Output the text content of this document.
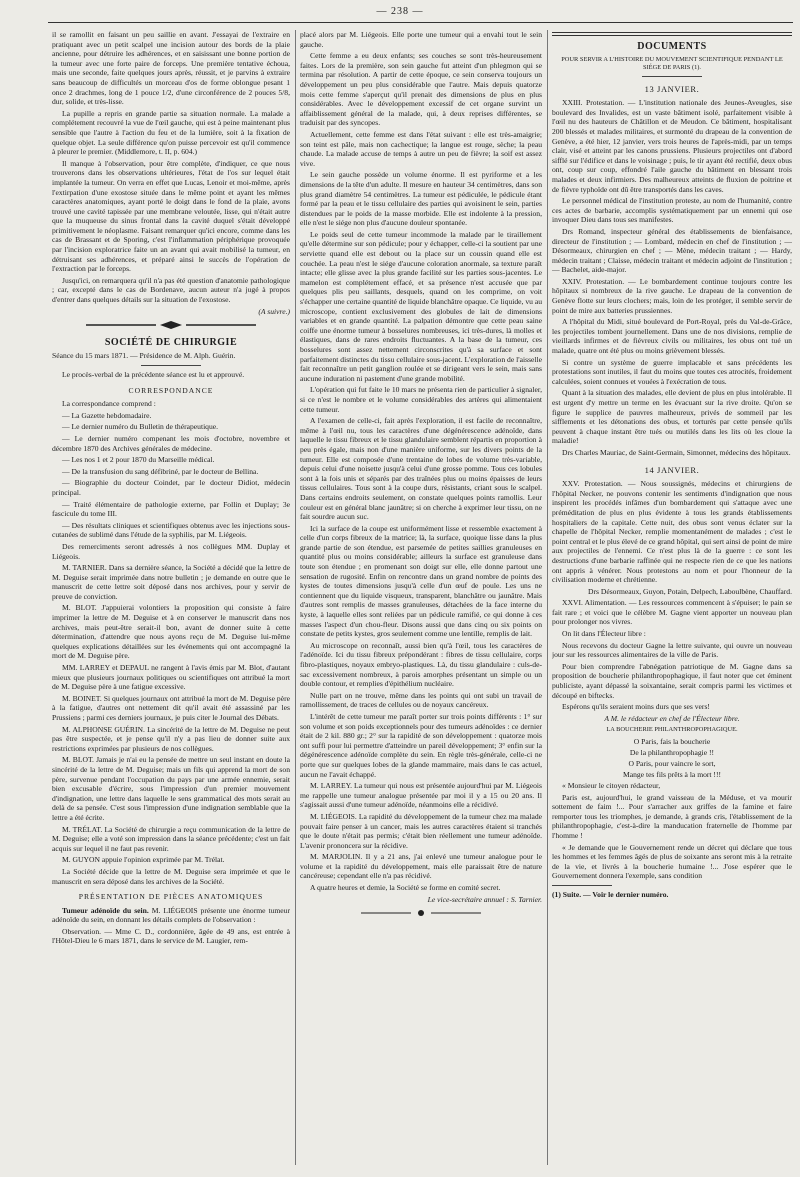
— 238 —

il se ramollit en faisant un peu saillie en avant. J'essayai de l'extraire en pratiquant avec un petit scalpel une incision autour des bords de la plaie ancienne, pour détruire les adhérences, et en saisissant une bonne portion de la tumeur avec une forte paire de forceps. Une première tentative échoua, mais une seconde, faite quelques jours après, réussit, et je parvins à extraire sans beaucoup de difficultés un morceau d'os de forme oblongue pesant 1 once 2 drachmes, long de 1 pouce 1/2, d'une circonférence de 2 pouces 5/8, dur, solide, et très-lisse.

La pupille a repris en grande partie sa situation normale. La malade a complétement recouvré la vue de l'œil gauche, qui est à peine maintenant plus sensible que l'autre à l'action du feu et de la lumière, soit à la fixation de quelque objet. La seule différence qu'on puisse percevoir est qu'il commence à pleurer le premier. (Middlemore, t. II, p. 604.)

Il manque à l'observation, pour être complète, d'indiquer, ce que nous trouverons dans les observations ultérieures, l'état de l'os sur lequel était implantée la tumeur. On verra en effet que Lucas, Lenoir et moi-même, après l'extirpation d'une exostose située dans le même point et ayant les mêmes caractères anatomiques, ayant porté le doigt dans le fond de la plaie, avons trouvé une cavité tapissée par une membrane veloutée, lisse, qui n'était autre que la muqueuse du sinus frontal dans la cavité duquel s'était développé primitivement le néoplasme. Faisant remarquer qu'ici encore, comme dans les cas de Brassant et de Sporing, c'est l'inflammation périphérique provoquée par l'incision exploratrice faite un an avant qui avait mobilisé la tumeur, en détruisant ses adhérences, et préparé ainsi le succès de l'opération de l'extraction par le forceps.

Jusqu'ici, on remarquera qu'il n'a pas été question d'anatomie pathologique ; car, excepté dans le cas de Bordenave, aucun auteur n'a jugé à propos d'entrer dans quelques détails sur la situation de l'exostose.

(A suivre.)

SOCIÉTÉ DE CHIRURGIE

Séance du 15 mars 1871. — Présidence de M. Alph. Guérin.

Le procès-verbal de la précédente séance est lu et approuvé.

CORRESPONDANCE

La correspondance comprend :

— La Gazette hebdomadaire.

— Le dernier numéro du Bulletin de thérapeutique.

— Le dernier numéro compenant les mois d'octobre, novembre et décembre 1870 des Archives générales de médecine.

— Les nos 1 et 2 pour 1870 du Marseille médical.

— De la transfusion du sang défibriné, par le docteur de Bellina.

— Biographie du docteur Coindet, par le docteur Didiot, médecin principal.

— Traité élémentaire de pathologie externe, par Follin et Duplay; 3e fascicule du tome III.

— Des résultats cliniques et scientifiques obtenus avec les injections sous-cutanées de sublimé dans l'étude de la syphilis, par M. Liégeois.

Des remerciments seront adressés à nos collègues MM. Duplay et Liégeois.

M. TARNIER. Dans sa dernière séance, la Société a décidé que la lettre de M. Deguise serait imprimée dans notre bulletin ; je demande en outre que le manuscrit de cette lettre soit déposé dans nos archives, pour y servir de preuve de conviction.

M. BLOT. J'appuierai volontiers la proposition qui consiste à faire imprimer la lettre de M. Deguise et à en conserver le manuscrit dans nos archives, mais peut-être serait-il bon, avant de donner suite à cette détermination, d'attendre que nous ayons reçu de M. Deguise lui-même quelques explications détaillées sur les événements qui ont accompagné la mort de M. Deguise père.

MM. LARREY et DEPAUL ne rangent à l'avis émis par M. Blot, d'autant mieux que plusieurs journaux politiques ou scientifiques ont attribué la mort de M. Deguise père à une fatigue excessive.

M. BOINET. Si quelques journaux ont attribué la mort de M. Deguise père à la fatigue, d'autres ont nettement dit qu'il avait été assassiné par les Prussiens ; parmi ces derniers journaux, je puis citer le Journal des Débats.

M. ALPHONSE GUÉRIN. La sincérité de la lettre de M. Deguise ne peut pas être suspectée, et je pense qu'il n'y a pas lieu de donner suite aux restrictions exprimées par plusieurs de nos collègues.

M. BLOT. Jamais je n'ai eu la pensée de mettre un seul instant en doute la sincérité de la lettre de M. Deguise; mais un fils qui apprend la mort de son père, survenue pendant l'occupation du pays par une armée ennemie, serait bien excusable d'écrire, sous l'impression d'un premier mouvement d'indignation, une lettre dans laquelle le sens grammatical des mots serait au delà de sa pensée. C'est sous l'impression d'une indignation semblable que la lettre a été écrite.

M. TRÉLAT. La Société de chirurgie a reçu communication de la lettre de M. Deguise; elle a voté son impression dans la séance précédente; c'est un fait acquis sur lequel il ne faut pas revenir.

M. GUYON appuie l'opinion exprimée par M. Trélat.

La Société décide que la lettre de M. Deguise sera imprimée et que le manuscrit en sera déposé dans les archives de la Société.

PRÉSENTATION DE PIÈCES ANATOMIQUES

Tumeur adénoïde du sein. M. LIÉGEOIS présente une énorme tumeur adénoïde du sein, en donnant les détails complets de l'observation :

Observation. — Mme C. D., cordonnière, âgée de 49 ans, est entrée à l'Hôtel-Dieu le 6 mars 1871, dans le service de M. Laugier, rem-

placé alors par M. Liégeois. Elle porte une tumeur qui a envahi tout le sein gauche.

Cette femme a eu deux enfants; ses couches se sont très-heureusement faites. Lors de la première, son sein gauche fut atteint d'un phlegmon qui se termina par résolution. A partir de cette époque, ce sein conserva toujours un développement un peu plus considérable que l'autre. Mais depuis quatorze mois cette femme s'aperçut qu'il prenait des dimensions de plus en plus considérables. Avec le développement excessif de cet organe survint un affaiblissement général de la malade, qui, à deux reprises différentes, se traduisit par des syncopes.

Actuellement, cette femme est dans l'état suivant : elle est très-amaigrie; son teint est pâle, mais non cachectique; la langue est rouge, sèche; la peau chaude. La malade accuse de temps à autre un peu de fièvre; la soif est assez vive.

Le sein gauche possède un volume énorme. Il est pyriforme et a les dimensions de la tête d'un adulte. Il mesure en hauteur 34 centimètres, dans son plus grand diamètre 54 centimètres. La tumeur est pédiculée, le pédicule étant formé par la peau et le tissu cellulaire des parties qui avoisinent le sein, parties distendues par le poids de la masse morbide. Elle est indolente à la pression, elle n'est le siége non plus d'aucune douleur spontanée.

Le poids seul de cette tumeur incommode la malade par le tiraillement qu'elle détermine sur son pédicule; pour y échapper, celle-ci la soutient par une serviette quand elle est debout ou la place sur un coussin quand elle est couchée. La peau n'est le siége d'aucune coloration anormale, sa texture paraît intacte; elle glisse avec la plus grande facilité sur les parties sous-jacentes. Le mamelon est complétement effacé, et sa présence n'est accusée que par quelques plis peu saillants, desquels, quand on les comprime, on voit s'échapper une certaine quantité de liquide blanchâtre opaque. Ce liquide, vu au microscope, contient exclusivement des globules de lait de dimensions variables et en grande quantité. La palpation démontre que cette peau saine coiffe une énorme tumeur à bosselures nombreuses, ici très-dures, là molles et élastiques, dans de rares endroits fluctuantes. A la base de la tumeur, ces bosselures sont assez nettement circonscrites qu'à sa surface et sont parfaitement distinctes du tissu cellulaire sous-jacent. L'exploration de l'aisselle fait reconnaître un petit ganglion roulée et se dirigeant vers le sein, mais sans aucune induration ni pastement d'une grande mobilité.

L'opération qui fut faite le 10 mars ne présenta rien de particulier à signaler, si ce n'est le nombre et le volume considérables des artères qui alimentaient cette tumeur.

A l'examen de celle-ci, fait après l'exploration, il est facile de reconnaître, même à l'œil nu, tous les caractères d'une dégénérescence adénoïde, dans laquelle le tissu fibreux et le tissu glandulaire semblent répartis en proportion à peu près égale, mais non d'une manière uniforme, sur les divers points de la tumeur. Elle est composée d'une trentaine de lobes de volume très-variable, depuis celui d'une noisette jusqu'à celui d'une grosse pomme. Tous ces lobules sont à la fois unis et séparés par des traînées plus ou moins épaisses de leurs tissus cellulaires. Tous sont à la coupe durs, résistants, criant sous le scalpel. Dans certains endroits seulement, on constate quelques points ramollis. Leur couleur est en général blanc jaunâtre; si on cherche à exprimer leur tissu, on ne fait sourdre aucun suc.

Ici la surface de la coupe est uniformément lisse et ressemble exactement à celle d'un corps fibreux de la matrice; là, la surface, quoique lisse dans la plus grande partie de son étendue, est parsemée de petites saillies granuleuses en quantité plus ou moins considérable; ailleurs la surface est granuleuse dans toute son étendue ; en promenant son doigt sur elle, elle donne partout une sensation de rugosité. Enfin on rencontre dans un grand nombre de points des kystes de toutes dimensions jusqu'à celle d'un œuf de poule. Les uns ne contiennent que du liquide visqueux, transparent, blanchâtre ou jaunâtre. Mais d'autres sont remplis de masses granuleuses, détachées de la face interne du kyste, à laquelle elles sont reliées par un pédicule ramifié, ce qui donne à ces masses l'aspect d'un chou-fleur. Disons aussi que dans cinq ou six points on constate de petits kystes, gros seulement comme une lentille, remplis de lait.

Au microscope on reconnaît, aussi bien qu'à l'œil, tous les caractères de l'adénoïde. Ici du tissu fibreux prépondérant : fibres de tissu cellulaire, corps fibro-plastiques, noyaux embryo-plastiques. Là, du tissu glandulaire : culs-de-sac excessivement nombreux, à parois amorphes présentant un simple ou un double contour, et remplies d'épithélium nucléaire.

Nulle part on ne trouve, même dans les points qui ont subi un travail de ramollissement, de traces de cellules ou de noyaux cancéreux.

L'intérêt de cette tumeur me paraît porter sur trois points différents : 1° sur son volume et son poids exceptionnels pour des tumeurs adénoïdes : ce dernier était de 2 kil. 880 gr.; 2° sur la rapidité de son développement : quatorze mois ont suffi pour lui permettre d'atteindre un pareil développement; 3° enfin sur la dégénérescence adénoïde complète du sein. En règle très-générale, celle-ci ne porte que sur quelques lobes de la glande mammaire, mais dans le cas actuel, aucun ne l'avait échappé.

M. LARREY. La tumeur qui nous est présentée aujourd'hui par M. Liégeois me rappelle une tumeur analogue présentée par moi il y a 15 ou 20 ans. Il s'agissait aussi d'une tumeur adénoïde, néanmoins elle a récidivé.

M. LIÉGEOIS. La rapidité du développement de la tumeur chez ma malade pouvait faire penser à un cancer, mais les autres caractères étaient si tranchés que le doute n'était pas permis; c'était bien réellement une tumeur adénoïde. L'avenir prononcera sur la récidive.

M. MARJOLIN. Il y a 21 ans, j'ai enlevé une tumeur analogue pour le volume et la rapidité du développement, mais elle paraissait être de nature cancéreuse; cependant elle n'a pas récidivé.

A quatre heures et demie, la Société se forme en comité secret.

Le vice-secrétaire annuel : S. Tarnier.

DOCUMENTS

POUR SERVIR A L'HISTOIRE DU MOUVEMENT SCIENTIFIQUE PENDANT LE SIÉGE DE PARIS (1).

13 JANVIER.

XXIII. Protestation. — L'institution nationale des Jeunes-Aveugles, sise boulevard des Invalides, est un vaste bâtiment isolé, parfaitement visible à l'œil nu des hauteurs de Châtillon et de Meudon. Ce bâtiment, hospitalisant 200 blessés et malades militaires, et surmonté du drapeau de la convention de Genève, a été hier, 12 janvier, vers trois heures de l'après-midi, par un temps clair, visé et atteint par les canons prussiens. Plusieurs projectiles ont d'abord sifflé sur l'édifice et dans le voisinage ; puis, le tir ayant été rectifié, deux obus ont, coup sur coup, effondré l'aile gauche du bâtiment en blessant trois malades et deux infirmiers. Des malheureux atteints de fluxion de poitrine et de fièvre typhoïde ont dû être transportés dans les caves.

Le personnel médical de l'institution proteste, au nom de l'humanité, contre ces actes de barbarie, accomplis systématiquement par un ennemi qui ose invoquer Dieu dans tous ses manifestes.

Drs Romand, inspecteur général des établissements de bienfaisance, directeur de l'institution ; — Lombard, médecin en chef de l'institution ; — Désormeaux, chirurgien en chef ; — Mène, médecin traitant ; — Hardy, médecin traitant ; Claisse, médecin traitant et médecin adjoint de l'institution ; — Bachelet, aide-major.

XXIV. Protestation. — Le bombardement continue toujours contre les hôpitaux si nombreux de la rive gauche. Le drapeau de la convention de Genève flotte sur leurs clochers; mais, loin de les protéger, il semble servir de point de mire aux batteries prussiennes.

A l'hôpital du Midi, situé boulevard de Port-Royal, près du Val-de-Grâce, les projectiles tombent journellement. Dans une de nos divisions, remplie de vieillards infirmes et de fiévreux civils ou militaires, les obus ont tué un malade, quatre ont été plus ou moins grièvement blessés.

Si contre un système de guerre implacable et sans précédents les protestations sont inutiles, il faut du moins que toutes ces atrocités, froidement calculées, soient connues et vouées à l'exécration de tous.

Quant à la situation des malades, elle devient de plus en plus intolérable. Il est urgent d'y mettre un terme en les évacuant sur la rive droite. Qu'on se figure le supplice de pauvres malheureux, privés de sommeil par les sifflements et les détonations des obus, et torturés par cette pensée qu'ils peuvent à chaque instant être tués ou mutilés dans les lits où les cloue la maladie!

Drs Charles Mauriac, de Saint-Germain, Simonnet, médecins des hôpitaux.

14 JANVIER.

XXV. Protestation. — Nous soussignés, médecins et chirurgiens de l'hôpital Necker, ne pouvons contenir les sentiments d'indignation que nous inspirent les procédés infâmes d'un bombardement qui s'attaque avec une préméditation de plus en plus évidente à tous les grands établissements hospitaliers de la capitale. Cette nuit, des obus sont venus éclater sur la chapelle de l'hôpital Necker, remplie momentanément de malades ; c'est le point central et le plus élevé de ce grand hôpital, qui sert ainsi de point de mire aux projectiles de l'ennemi. Ce n'est plus là de la guerre : ce sont les destructions d'une barbarie raffinée qui ne respecte rien de ce que les nations ont appris à vénérer. Nous protestons au nom et pour l'honneur de la civilisation moderne et chrétienne.

Drs Désormeaux, Guyon, Potain, Delpech, Laboulbène, Chauffard.

XXVI. Alimentation. — Les ressources commencent à s'épuiser; le pain se fait rare ; et voici que le célèbre M. Gagne vient apporter un nouveau plan pour prolonger nos vivres.

On lit dans l'Électeur libre :

Nous recevons du docteur Gagne la lettre suivante, qui ouvre un nouveau jour sur les ressources alimentaires de la ville de Paris.

Pour bien comprendre l'abnégation patriotique de M. Gagne dans sa proposition de boucherie philanthropophagique, il faut noter que cet éminent publiciste, ayant dépassé la soixantaine, serait compris parmi les victimes et découpé en biftecks.

Espérons qu'ils seraient moins durs que ses vers!

A M. le rédacteur en chef de l'Électeur libre.

LA BOUCHERIE PHILANTHROPOPHAGIQUE.

O Paris, fais la boucherie

De la philanthropophagie !!

O Paris, pour vaincre le sort,

Mange tes fils prêts à la mort !!!

« Monsieur le citoyen rédacteur,

Paris est, aujourd'hui, le grand vaisseau de la Méduse, et va mourir sottement de faim !... Pour s'arracher aux griffes de la famine et faire remporter tous les triomphes, je demande, à grands cris, l'établissement de la philanthropophagie, c'est-à-dire la manducation fraternelle de l'homme par l'homme !

« Je demande que le Gouvernement rende un décret qui déclare que tous les hommes et les femmes âgés de plus de soixante ans seront mis à la retraite de la vie, et livrés à la boucherie humaine !... J'ose espérer que le Gouvernement donnera l'exemple, sans condition

(1) Suite. — Voir le dernier numéro.
